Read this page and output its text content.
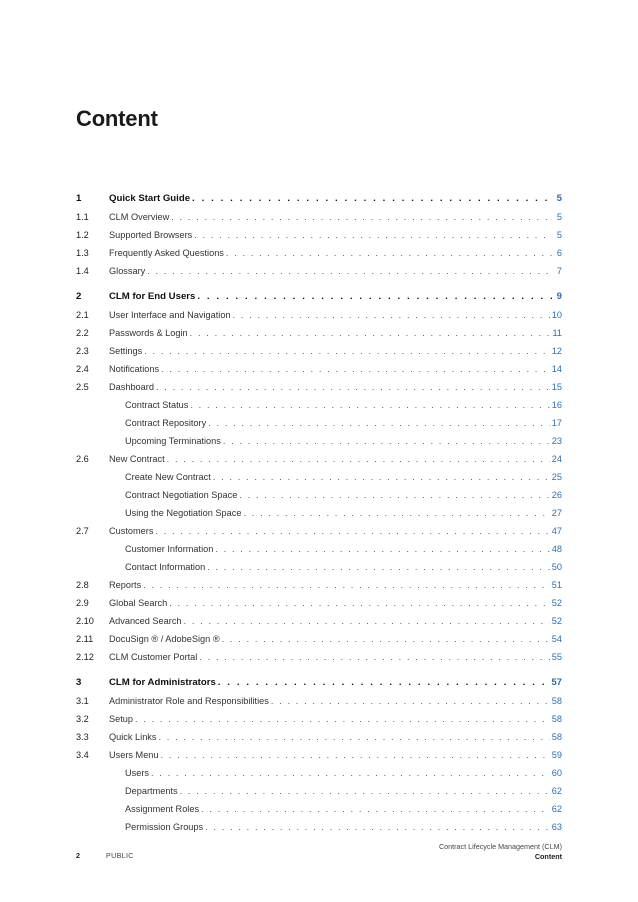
Content
1	Quick Start Guide . . .	5
1.1	CLM Overview . . .	5
1.2	Supported Browsers . . .	5
1.3	Frequently Asked Questions . . .	6
1.4	Glossary . . .	7
2	CLM for End Users . . .	9
2.1	User Interface and Navigation . . .	10
2.2	Passwords & Login . . .	11
2.3	Settings . . .	12
2.4	Notifications . . .	14
2.5	Dashboard . . .	15
Contract Status . . .	16
Contract Repository . . .	17
Upcoming Terminations . . .	23
2.6	New Contract . . .	24
Create New Contract . . .	25
Contract Negotiation Space . . .	26
Using the Negotiation Space . . .	27
2.7	Customers . . .	47
Customer Information . . .	48
Contact Information . . .	50
2.8	Reports . . .	51
2.9	Global Search . . .	52
2.10	Advanced Search . . .	52
2.11	DocuSign ® / AdobeSign ® . . .	54
2.12	CLM Customer Portal . . .	55
3	CLM for Administrators . . .	57
3.1	Administrator Role and Responsibilities . . .	58
3.2	Setup . . .	58
3.3	Quick Links . . .	58
3.4	Users Menu . . .	59
Users . . .	60
Departments . . .	62
Assignment Roles . . .	62
Permission Groups . . .	63
2	PUBLIC
Contract Lifecycle Management (CLM)
Content
